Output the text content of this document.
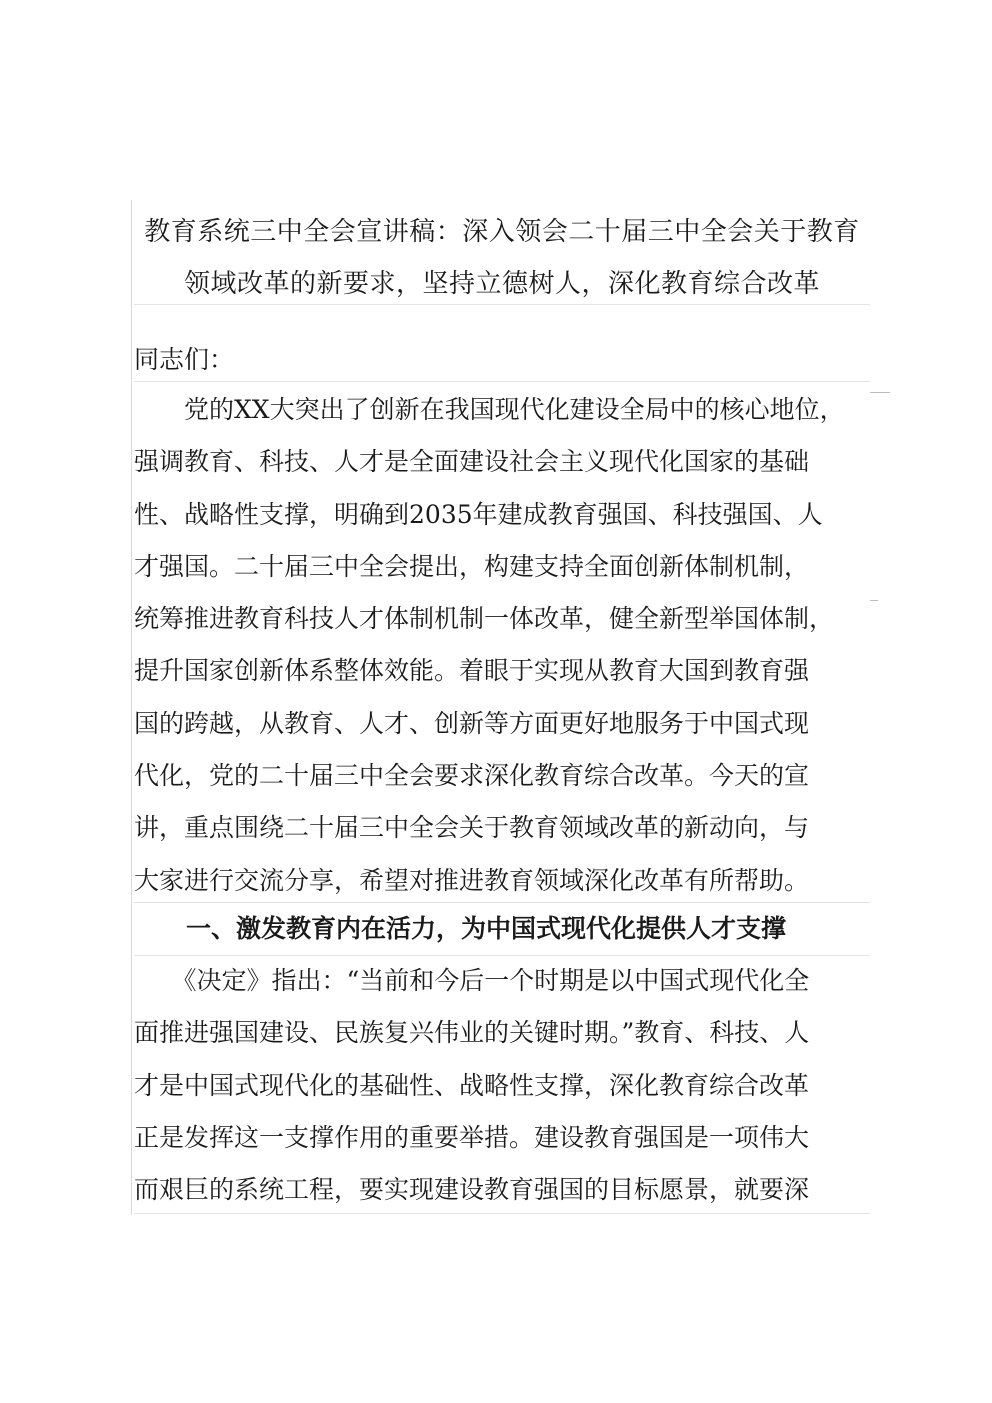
教育系统三中全会宣讲稿：深入领会二十届三中全会关于教育
领域改革的新要求，坚持立德树人，深化教育综合改革
同志们：
　　党的XX大突出了创新在我国现代化建设全局中的核心地位，
强调教育、科技、人才是全面建设社会主义现代化国家的基础
性、战略性支撑，明确到2035年建成教育强国、科技强国、人
才强国。二十届三中全会提出，构建支持全面创新体制机制，
统筹推进教育科技人才体制机制一体改革，健全新型举国体制，
提升国家创新体系整体效能。着眼于实现从教育大国到教育强
国的跨越，从教育、人才、创新等方面更好地服务于中国式现
代化，党的二十届三中全会要求深化教育综合改革。今天的宣
讲，重点围绕二十届三中全会关于教育领域改革的新动向，与
大家进行交流分享，希望对推进教育领域深化改革有所帮助。
一、激发教育内在活力，为中国式现代化提供人才支撑
　　《决定》指出：“当前和今后一个时期是以中国式现代化全
面推进强国建设、民族复兴伟业的关键时期。”教育、科技、人
才是中国式现代化的基础性、战略性支撑，深化教育综合改革
正是发挥这一支撑作用的重要举措。建设教育强国是一项伟大
而艰巨的系统工程，要实现建设教育强国的目标愿景，就要深
